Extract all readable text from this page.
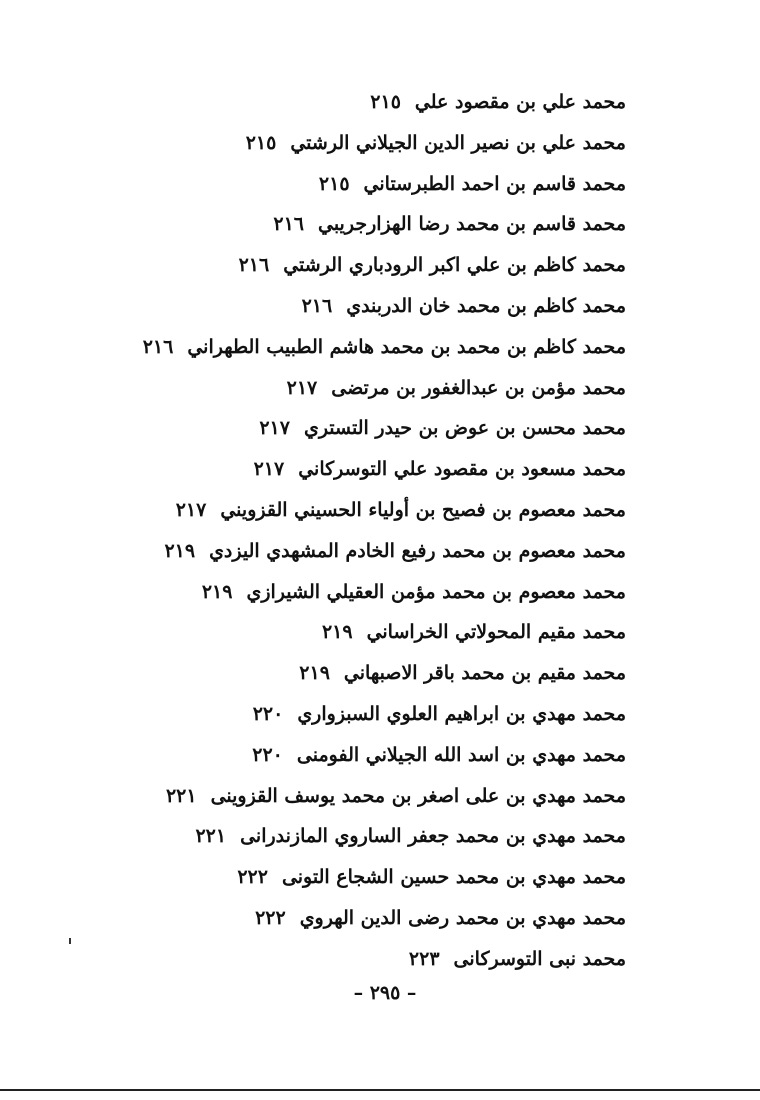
محمد علي بن مقصود علي٢١٥
محمد علي بن نصير الدين الجيلاني الرشتي٢١٥
محمد قاسم بن احمد الطبرستاني٢١٥
محمد قاسم بن محمد رضا الهزارجريبي٢١٦
محمد كاظم بن علي اكبر الرودباري الرشتي٢١٦
محمد كاظم بن محمد خان الدربندي٢١٦
محمد كاظم بن محمد بن محمد هاشم الطبيب الطهراني٢١٦
محمد مؤمن بن عبدالغفور بن مرتضى٢١٧
محمد محسن بن عوض بن حيدر التستري٢١٧
محمد مسعود بن مقصود علي التوسركاني٢١٧
محمد معصوم بن فصيح بن أولياء الحسيني القزويني٢١٧
محمد معصوم بن محمد رفيع الخادم المشهدي اليزدي٢١٩
محمد معصوم بن محمد مؤمن العقيلي الشيرازي٢١٩
محمد مقيم المحولاتي الخراساني٢١٩
محمد مقيم بن محمد باقر الاصبهاني٢١٩
محمد مهدي بن ابراهيم العلوي السبزواري٢٢٠
محمد مهدي بن اسد الله الجيلاني الفومنى٢٢٠
محمد مهدي بن على اصغر بن محمد يوسف القزوينى٢٢١
محمد مهدي بن محمد جعفر الساروي المازندرانى٢٢١
محمد مهدي بن محمد حسين الشجاع التونى٢٢٢
محمد مهدي بن محمد رضى الدين الهروي٢٢٢
محمد نبى التوسركانى٢٢٣
– ٢٩٥ –
